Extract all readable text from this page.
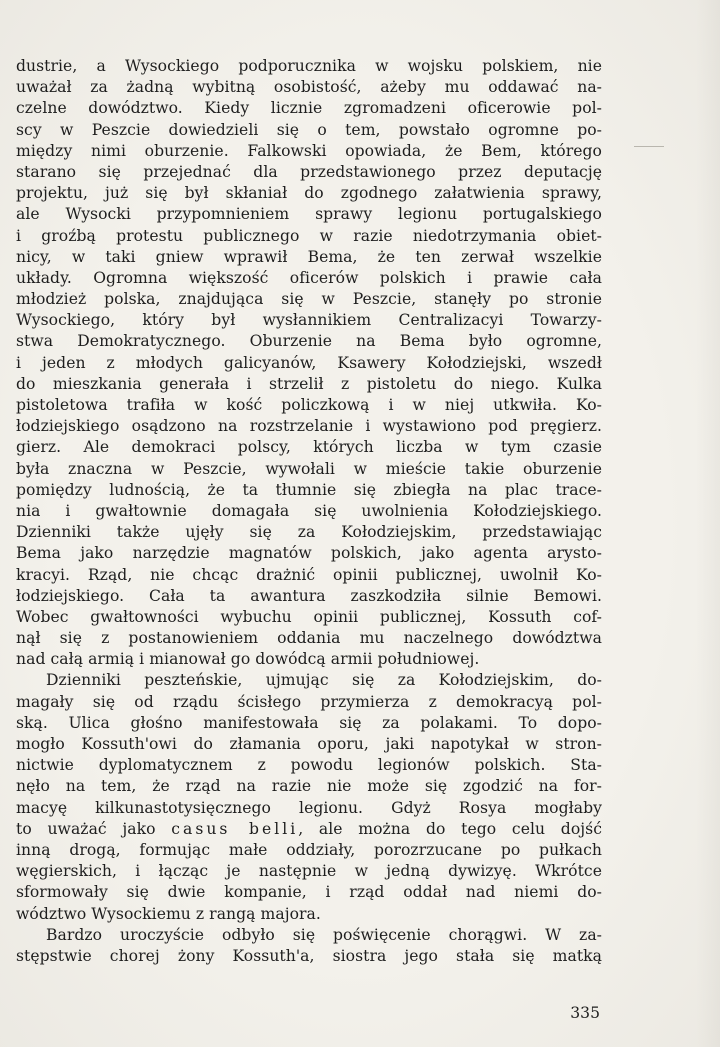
dustrie, a Wysockiego podporucznika w wojsku polskiem, nie
uważał za żadną wybitną osobistość, ażeby mu oddawać na-
czelne dowództwo. Kiedy licznie zgromadzeni oficerowie pol-
scy w Peszcie dowiedzieli się o tem, powstało ogromne po-
między nimi oburzenie. Falkowski opowiada, że Bem, którego
starano się przejednać dla przedstawionego przez deputację
projektu, już się był skłaniał do zgodnego załatwienia sprawy,
ale Wysocki przypomnieniem sprawy legionu portugalskiego
i groźbą protestu publicznego w razie niedotrzymania obiet-
nicy, w taki gniew wprawił Bema, że ten zerwał wszelkie
układy. Ogromna większość oficerów polskich i prawie cała
młodzież polska, znajdująca się w Peszcie, stanęły po stronie
Wysockiego, który był wysłannikiem Centralizacyi Towarzy-
stwa Demokratycznego. Oburzenie na Bema było ogromne,
i jeden z młodych galicyanów, Ksawery Kołodziejski, wszedł
do mieszkania generała i strzelił z pistoletu do niego. Kulka
pistoletowa trafiła w kość policzkową i w niej utkwiła. Ko-
łodziejskiego osądzono na rozstrzelanie i wystawiono pod pręgierz.
gierz. Ale demokraci polscy, których liczba w tym czasie
była znaczna w Peszcie, wywołali w mieście takie oburzenie
pomiędzy ludnością, że ta tłumnie się zbiegła na plac trace-
nia i gwałtownie domagała się uwolnienia Kołodziejskiego.
Dzienniki także ujęły się za Kołodziejskim, przedstawiając
Bema jako narzędzie magnatów polskich, jako agenta arysto-
kracyi. Rząd, nie chcąc drażnić opinii publicznej, uwolnił Ko-
łodziejskiego. Cała ta awantura zaszkodziła silnie Bemowi.
Wobec gwałtowności wybuchu opinii publicznej, Kossuth cof-
nął się z postanowieniem oddania mu naczelnego dowództwa
nad całą armią i mianował go dowódcą armii południowej.
Dzienniki peszteńskie, ujmując się za Kołodziejskim, do-
magały się od rządu ścisłego przymierza z demokracyą pol-
ską. Ulica głośno manifestowała się za polakami. To dopo-
mogło Kossuth'owi do złamania oporu, jaki napotykał w stron-
nictwie dyplomatycznem z powodu legionów polskich. Sta-
nęło na tem, że rząd na razie nie może się zgodzić na for-
macyę kilkunastotysięcznego legionu. Gdyż Rosya mogłaby
to uważać jako casus belli, ale można do tego celu dojść
inną drogą, formując małe oddziały, porozrzucane po pułkach
węgierskich, i łącząc je następnie w jedną dywizyę. Wkrótce
sformowały się dwie kompanie, i rząd oddał nad niemi do-
wództwo Wysockiemu z rangą majora.
Bardzo uroczyście odbyło się poświęcenie chorągwi. W za-
stępstwie chorej żony Kossuth'a, siostra jego stała się matką
335
